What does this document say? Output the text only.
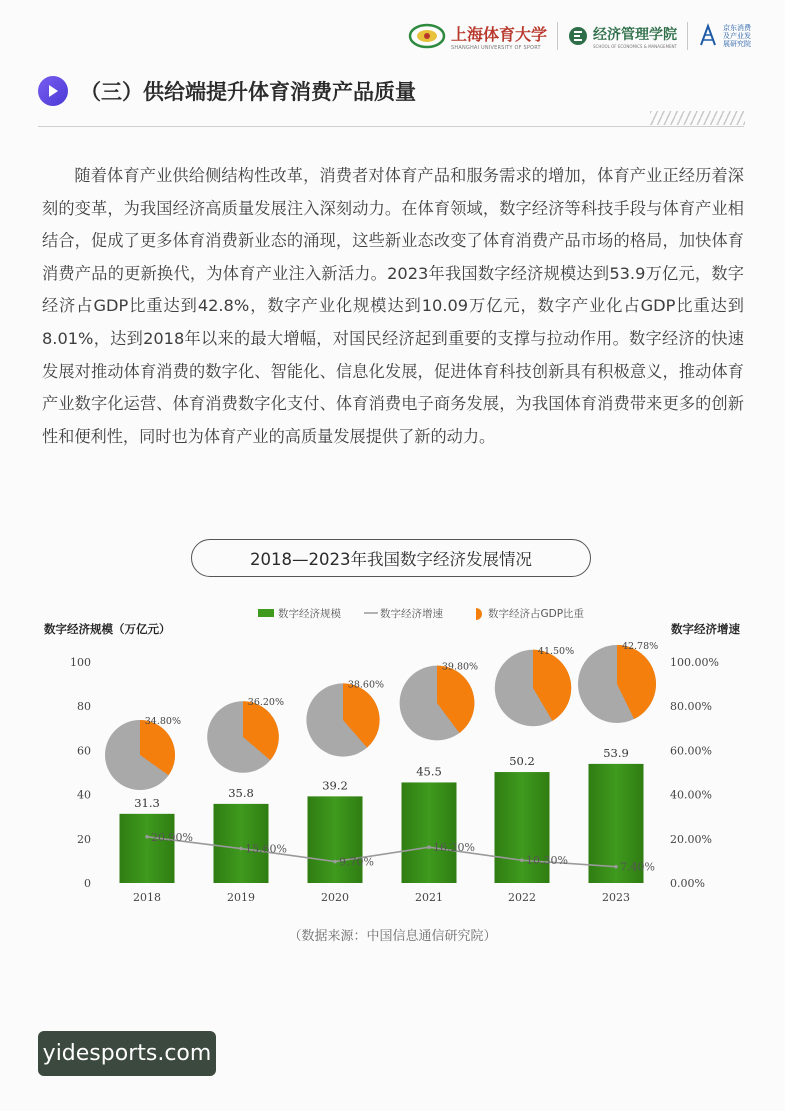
上海体育大学
SHANGHAI UNIVERSITY OF SPORT
经济管理学院
SCHOOL OF ECONOMICS & MANAGEMENT
京东消费及产业发展研究院
（三）供给端提升体育消费产品质量

随着体育产业供给侧结构性改革，消费者对体育产品和服务需求的增加，体育产业正经历着深刻的变革，为我国经济高质量发展注入深刻动力。在体育领域，数字经济等科技手段与体育产业相结合，促成了更多体育消费新业态的涌现，这些新业态改变了体育消费产品市场的格局，加快体育消费产品的更新换代，为体育产业注入新活力。2023年我国数字经济规模达到53.9万亿元，数字经济占GDP比重达到42.8%，数字产业化规模达到10.09万亿元，数字产业化占GDP比重达到8.01%，达到2018年以来的最大增幅，对国民经济起到重要的支撑与拉动作用。数字经济的快速发展对推动体育消费的数字化、智能化、信息化发展，促进体育科技创新具有积极意义，推动体育产业数字化运营、体育消费数字化支付、体育消费电子商务发展，为我国体育消费带来更多的创新性和便利性，同时也为体育产业的高质量发展提供了新的动力。

2018—2023年我国数字经济发展情况
数字经济规模（万亿元）	数字经济增速
0
20
40
60
80
100
0.00%
20.00%
40.00%
60.00%
80.00%
100.00%
数字经济规模	数字经济增速	数字经济占GDP比重
31.3
2018
35.8
2019
39.2
2020
45.5
2021
50.2
2022
53.9
2023
20.90%
15.60%
9.70%
16.20%
10.30%	7.40%
34.80%
36.20%
38.60%
39.80%
41.50%	42.78%
（数据来源：中国信息通信研究院）
yidesports.com
